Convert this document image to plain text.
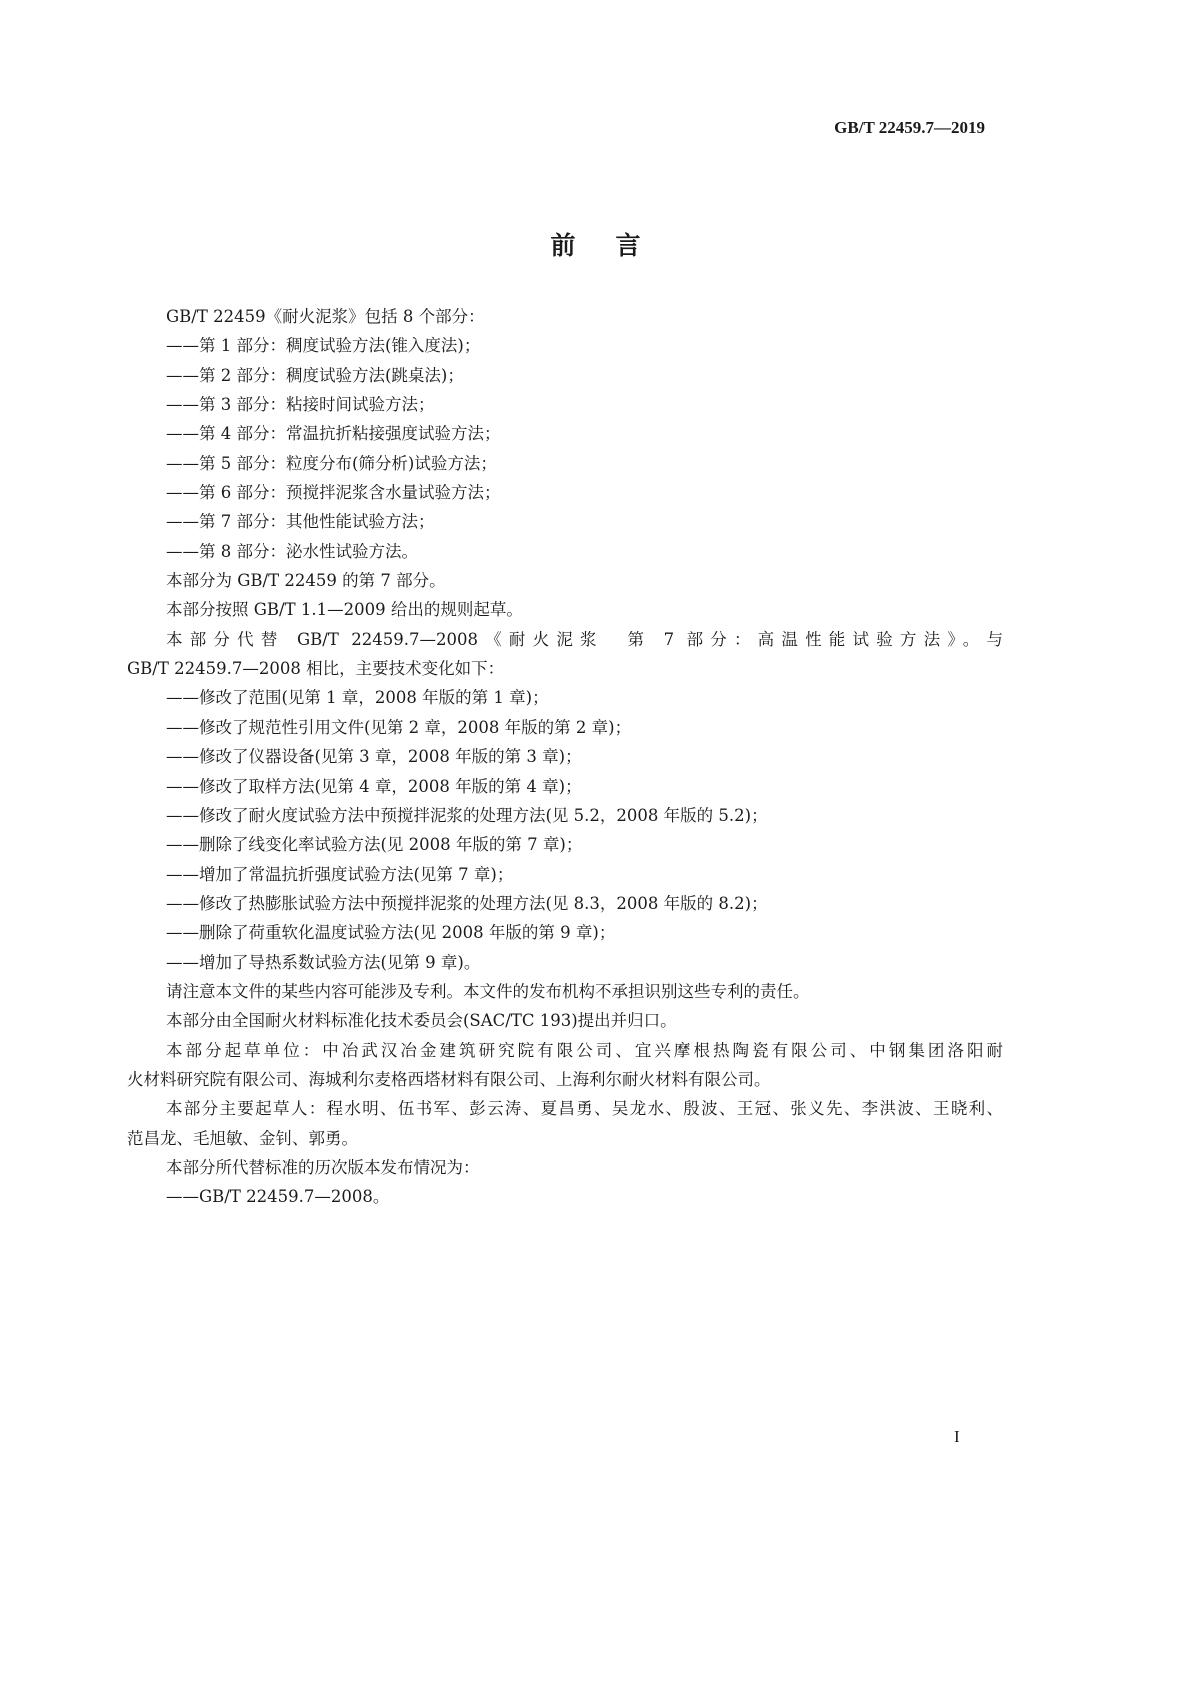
GB/T 22459.7—2019
前言
GB/T 22459《耐火泥浆》包括 8 个部分：
——第 1 部分：稠度试验方法(锥入度法)；
——第 2 部分：稠度试验方法(跳桌法)；
——第 3 部分：粘接时间试验方法；
——第 4 部分：常温抗折粘接强度试验方法；
——第 5 部分：粒度分布(筛分析)试验方法；
——第 6 部分：预搅拌泥浆含水量试验方法；
——第 7 部分：其他性能试验方法；
——第 8 部分：泌水性试验方法。
本部分为 GB/T 22459 的第 7 部分。
本部分按照 GB/T 1.1—2009 给出的规则起草。
本部分代替 GB/T 22459.7—2008《耐火泥浆　第 7 部分：高温性能试验方法》。与
GB/T 22459.7—2008 相比，主要技术变化如下：
——修改了范围(见第 1 章，2008 年版的第 1 章)；
——修改了规范性引用文件(见第 2 章，2008 年版的第 2 章)；
——修改了仪器设备(见第 3 章，2008 年版的第 3 章)；
——修改了取样方法(见第 4 章，2008 年版的第 4 章)；
——修改了耐火度试验方法中预搅拌泥浆的处理方法(见 5.2，2008 年版的 5.2)；
——删除了线变化率试验方法(见 2008 年版的第 7 章)；
——增加了常温抗折强度试验方法(见第 7 章)；
——修改了热膨胀试验方法中预搅拌泥浆的处理方法(见 8.3，2008 年版的 8.2)；
——删除了荷重软化温度试验方法(见 2008 年版的第 9 章)；
——增加了导热系数试验方法(见第 9 章)。
请注意本文件的某些内容可能涉及专利。本文件的发布机构不承担识别这些专利的责任。
本部分由全国耐火材料标准化技术委员会(SAC/TC 193)提出并归口。
本部分起草单位：中冶武汉冶金建筑研究院有限公司、宜兴摩根热陶瓷有限公司、中钢集团洛阳耐
火材料研究院有限公司、海城利尔麦格西塔材料有限公司、上海利尔耐火材料有限公司。
本部分主要起草人：程水明、伍书军、彭云涛、夏昌勇、吴龙水、殷波、王冠、张义先、李洪波、王晓利、
范昌龙、毛旭敏、金钊、郭勇。
本部分所代替标准的历次版本发布情况为：
——GB/T 22459.7—2008。
I
